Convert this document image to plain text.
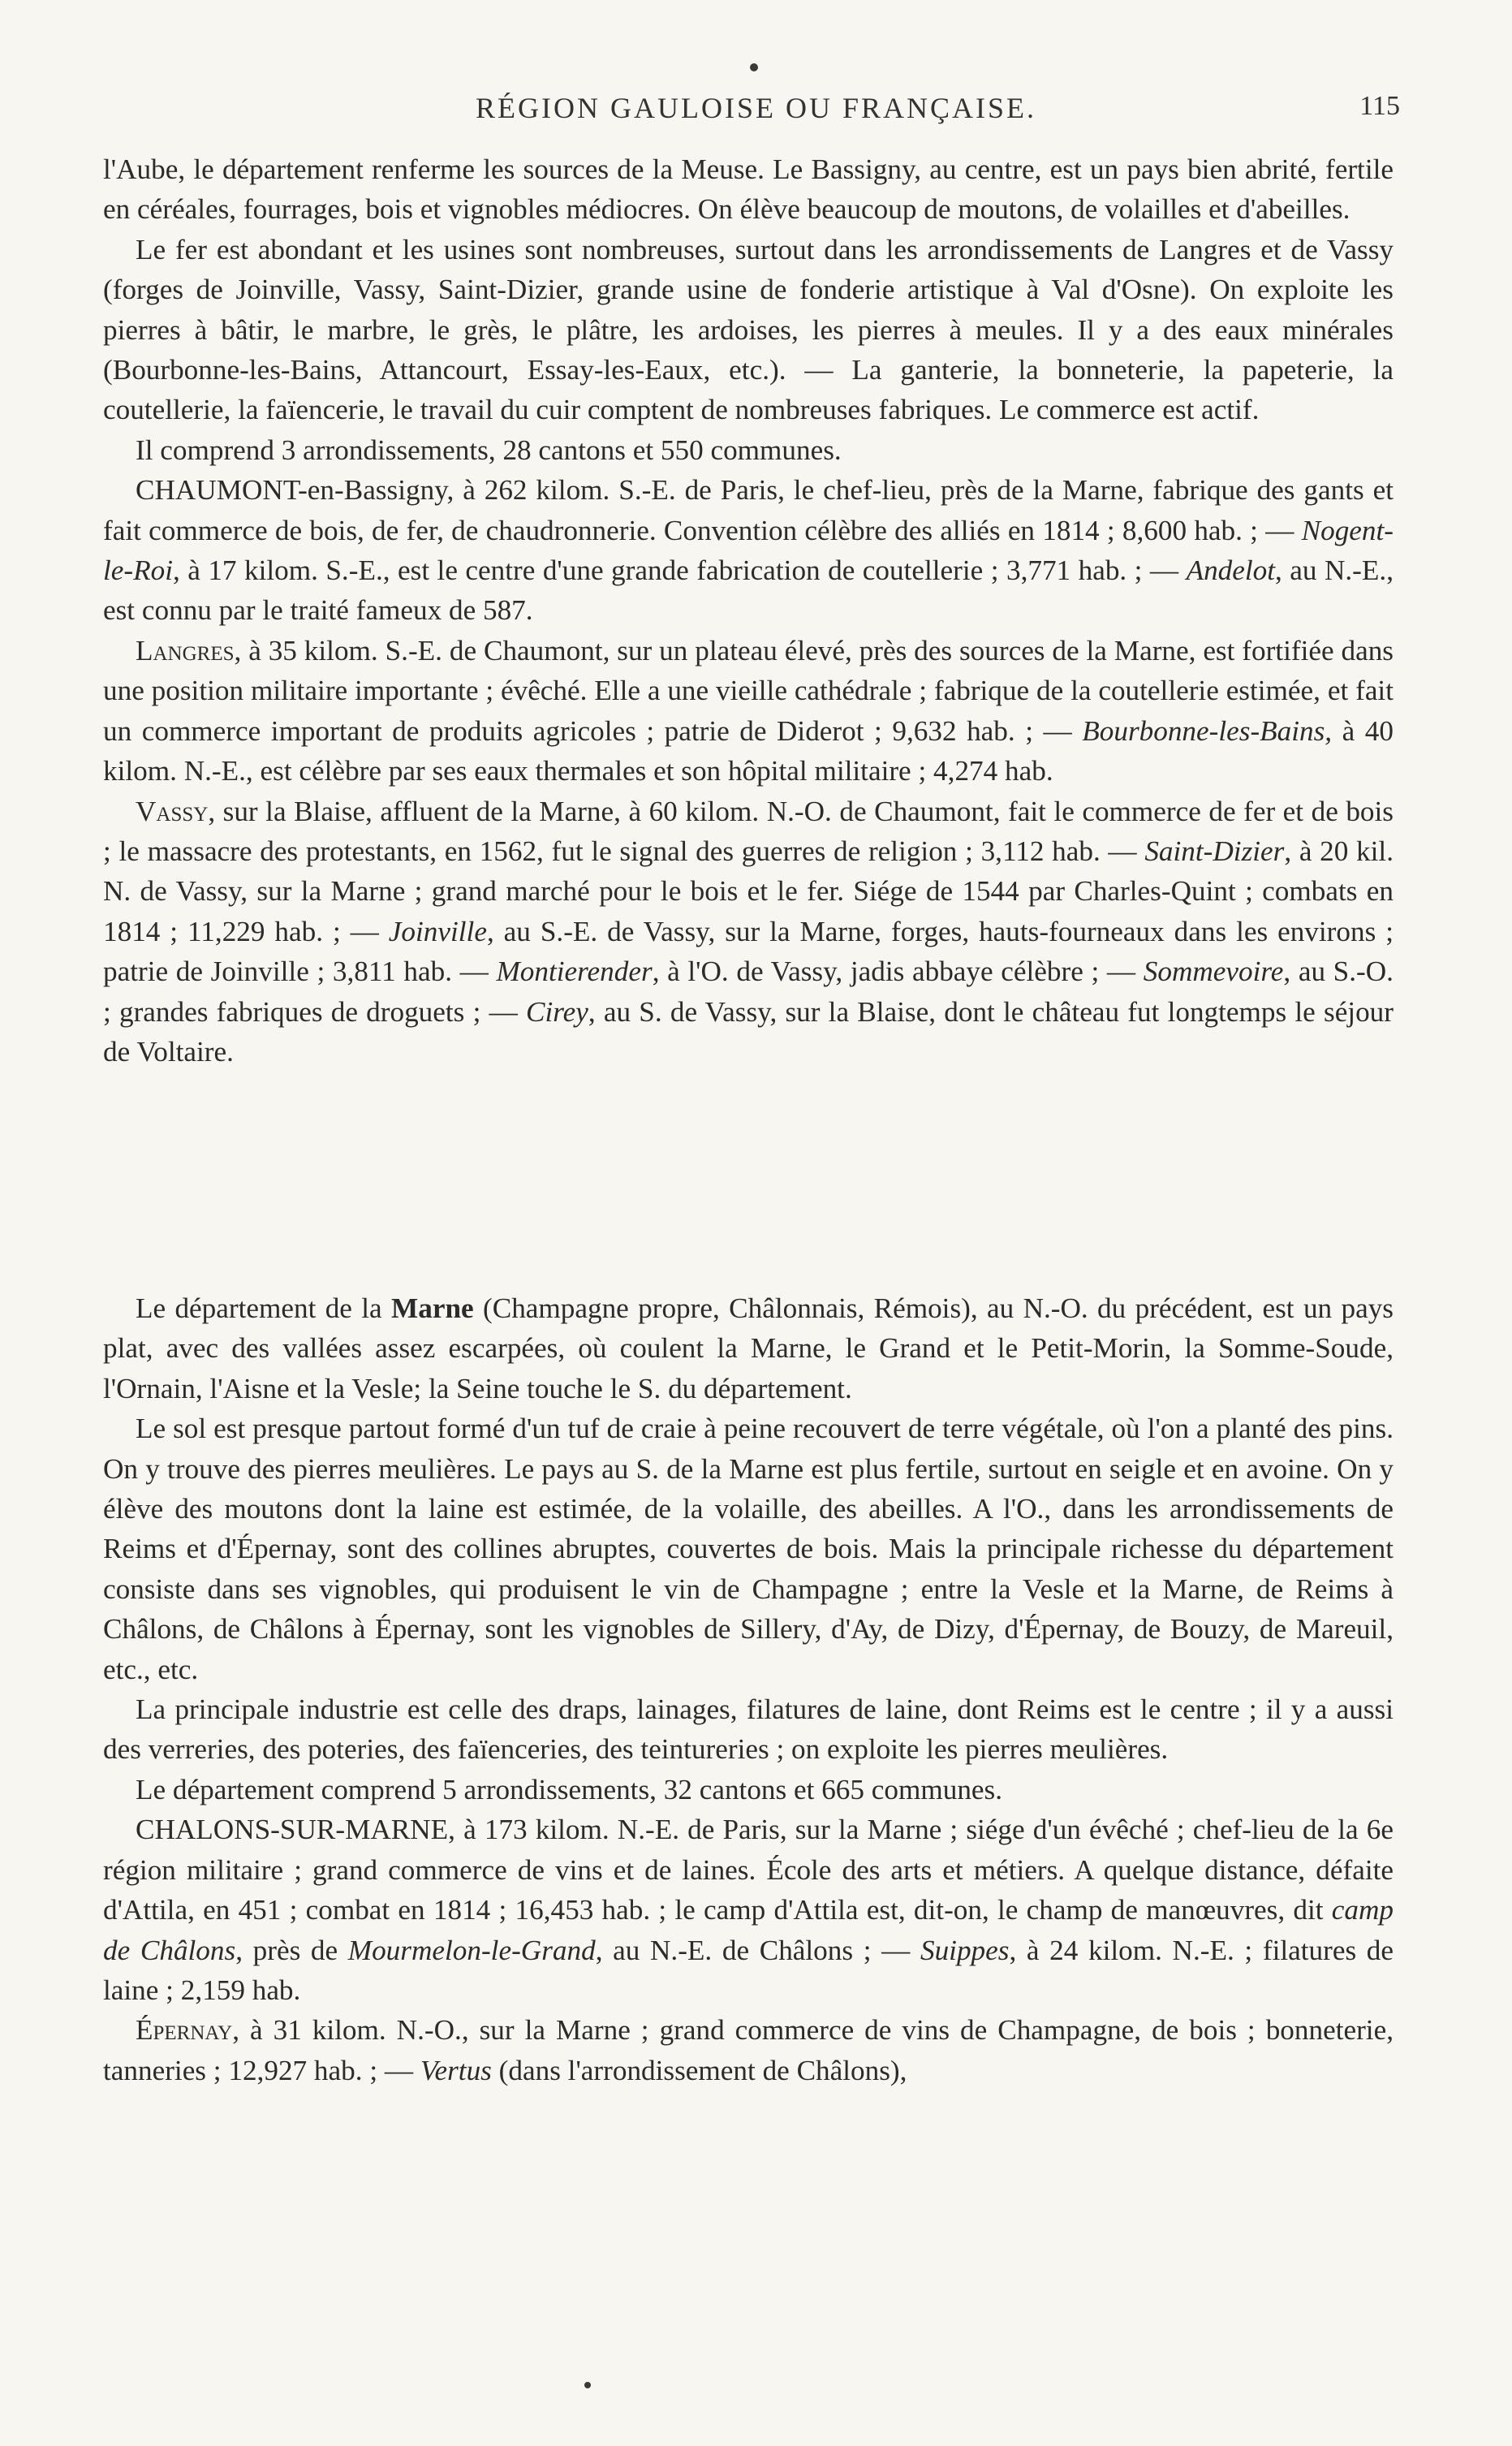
RÉGION GAULOISE OU FRANÇAISE.	115

l'Aube, le département renferme les sources de la Meuse. Le Bassigny, au centre, est un pays bien abrité, fertile en céréales, fourrages, bois et vignobles médiocres. On élève beaucoup de moutons, de volailles et d'abeilles.

Le fer est abondant et les usines sont nombreuses, surtout dans les arrondissements de Langres et de Vassy (forges de Joinville, Vassy, Saint-Dizier, grande usine de fonderie artistique à Val d'Osne). On exploite les pierres à bâtir, le marbre, le grès, le plâtre, les ardoises, les pierres à meules. Il y a des eaux minérales (Bourbonne-les-Bains, Attancourt, Essay-les-Eaux, etc.). — La ganterie, la bonneterie, la papeterie, la coutellerie, la faïencerie, le travail du cuir comptent de nombreuses fabriques. Le commerce est actif.

Il comprend 3 arrondissements, 28 cantons et 550 communes.

CHAUMONT-en-Bassigny, à 262 kilom. S.-E. de Paris, le chef-lieu, près de la Marne, fabrique des gants et fait commerce de bois, de fer, de chaudronnerie. Convention célèbre des alliés en 1814 ; 8,600 hab. ; — Nogent-le-Roi, à 17 kilom. S.-E., est le centre d'une grande fabrication de coutellerie ; 3,771 hab. ; — Andelot, au N.-E., est connu par le traité fameux de 587.

Langres, à 35 kilom. S.-E. de Chaumont, sur un plateau élevé, près des sources de la Marne, est fortifiée dans une position militaire importante ; évêché. Elle a une vieille cathédrale ; fabrique de la coutellerie estimée, et fait un commerce important de produits agricoles ; patrie de Diderot ; 9,632 hab. ; — Bourbonne-les-Bains, à 40 kilom. N.-E., est célèbre par ses eaux thermales et son hôpital militaire ; 4,274 hab.

Vassy, sur la Blaise, affluent de la Marne, à 60 kilom. N.-O. de Chaumont, fait le commerce de fer et de bois ; le massacre des protestants, en 1562, fut le signal des guerres de religion ; 3,112 hab. — Saint-Dizier, à 20 kil. N. de Vassy, sur la Marne ; grand marché pour le bois et le fer. Siége de 1544 par Charles-Quint ; combats en 1814 ; 11,229 hab. ; — Joinville, au S.-E. de Vassy, sur la Marne, forges, hauts-fourneaux dans les environs ; patrie de Joinville ; 3,811 hab. — Montierender, à l'O. de Vassy, jadis abbaye célèbre ; — Sommevoire, au S.-O. ; grandes fabriques de droguets ; — Cirey, au S. de Vassy, sur la Blaise, dont le château fut longtemps le séjour de Voltaire.

Le département de la Marne (Champagne propre, Châlonnais, Rémois), au N.-O. du précédent, est un pays plat, avec des vallées assez escarpées, où coulent la Marne, le Grand et le Petit-Morin, la Somme-Soude, l'Ornain, l'Aisne et la Vesle; la Seine touche le S. du département.

Le sol est presque partout formé d'un tuf de craie à peine recouvert de terre végétale, où l'on a planté des pins. On y trouve des pierres meulières. Le pays au S. de la Marne est plus fertile, surtout en seigle et en avoine. On y élève des moutons dont la laine est estimée, de la volaille, des abeilles. A l'O., dans les arrondissements de Reims et d'Épernay, sont des collines abruptes, couvertes de bois. Mais la principale richesse du département consiste dans ses vignobles, qui produisent le vin de Champagne ; entre la Vesle et la Marne, de Reims à Châlons, de Châlons à Épernay, sont les vignobles de Sillery, d'Ay, de Dizy, d'Épernay, de Bouzy, de Mareuil, etc., etc.

La principale industrie est celle des draps, lainages, filatures de laine, dont Reims est le centre ; il y a aussi des verreries, des poteries, des faïenceries, des teintureries ; on exploite les pierres meulières.

Le département comprend 5 arrondissements, 32 cantons et 665 communes.

CHALONS-SUR-MARNE, à 173 kilom. N.-E. de Paris, sur la Marne ; siége d'un évêché ; chef-lieu de la 6e région militaire ; grand commerce de vins et de laines. École des arts et métiers. A quelque distance, défaite d'Attila, en 451 ; combat en 1814 ; 16,453 hab. ; le camp d'Attila est, dit-on, le champ de manœuvres, dit camp de Châlons, près de Mourmelon-le-Grand, au N.-E. de Châlons ; — Suippes, à 24 kilom. N.-E. ; filatures de laine ; 2,159 hab.

Épernay, à 31 kilom. N.-O., sur la Marne ; grand commerce de vins de Champagne, de bois ; bonneterie, tanneries ; 12,927 hab. ; — Vertus (dans l'arrondissement de Châlons),
